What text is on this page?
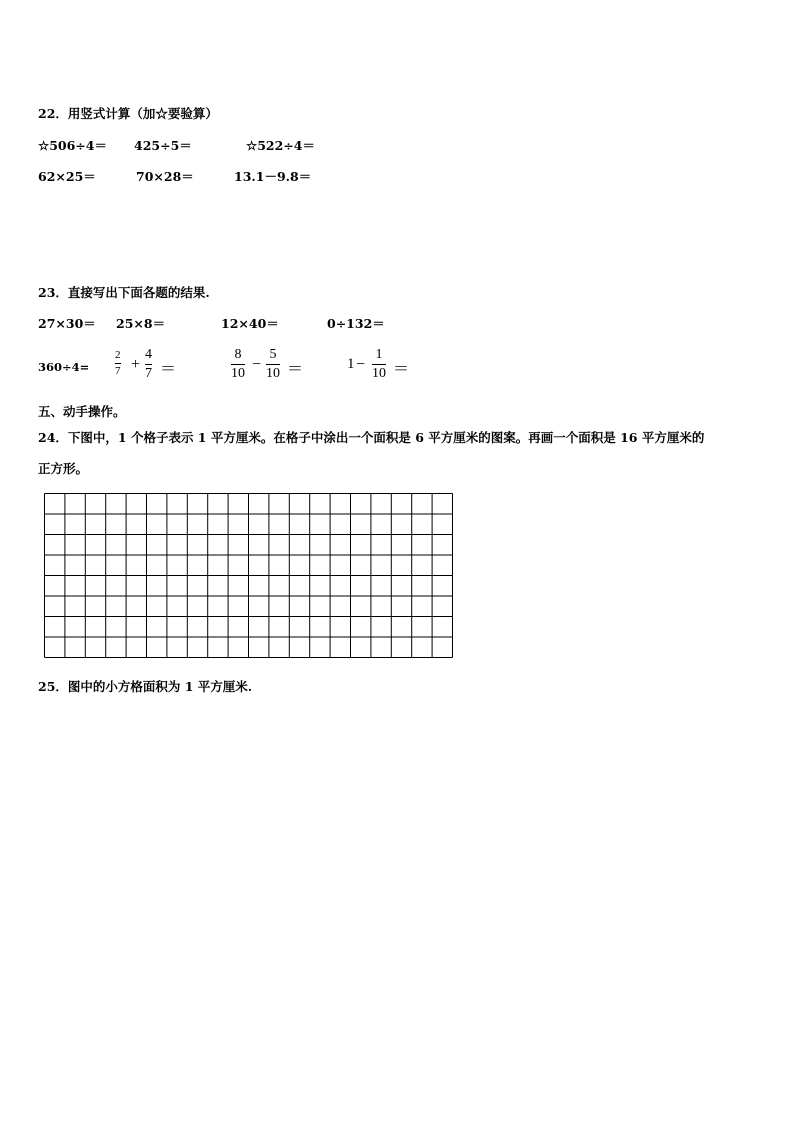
22．用竖式计算（加☆要验算）
☆506÷4＝ 425÷5＝	☆522÷4＝
62×25＝	70×28＝	13.1－9.8＝
23．直接写出下面各题的结果.
27×30＝ 25×8＝	12×40＝	0÷132＝
360÷4=
2
7 +
4
7 ＝
8
10
−
5
10 ＝	1 −
1
10 ＝
五、动手操作。
24．下图中，1 个格子表示 1 平方厘米。在格子中涂出一个面积是 6 平方厘米的图案。再画一个面积是 16 平方厘米的
正方形。
25．图中的小方格面积为 1 平方厘米.
